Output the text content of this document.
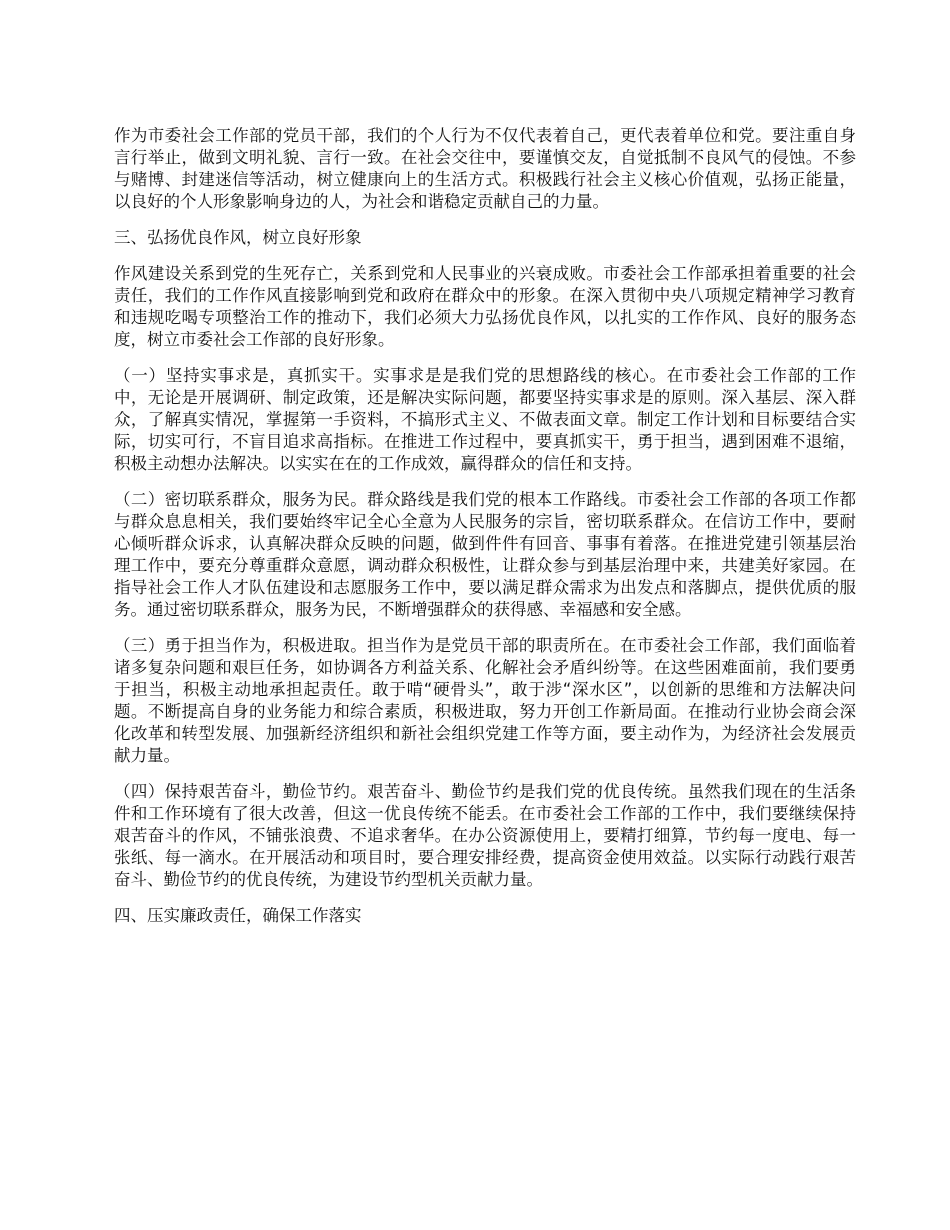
作为市委社会工作部的党员干部，我们的个人行为不仅代表着自己，更代表着单位和党。要注重自身言行举止，做到文明礼貌、言行一致。在社会交往中，要谨慎交友，自觉抵制不良风气的侵蚀。不参与赌博、封建迷信等活动，树立健康向上的生活方式。积极践行社会主义核心价值观，弘扬正能量，以良好的个人形象影响身边的人，为社会和谐稳定贡献自己的力量。

三、弘扬优良作风，树立良好形象

作风建设关系到党的生死存亡，关系到党和人民事业的兴衰成败。市委社会工作部承担着重要的社会责任，我们的工作作风直接影响到党和政府在群众中的形象。在深入贯彻中央八项规定精神学习教育和违规吃喝专项整治工作的推动下，我们必须大力弘扬优良作风，以扎实的工作作风、良好的服务态度，树立市委社会工作部的良好形象。

（一）坚持实事求是，真抓实干。实事求是是我们党的思想路线的核心。在市委社会工作部的工作中，无论是开展调研、制定政策，还是解决实际问题，都要坚持实事求是的原则。深入基层、深入群众，了解真实情况，掌握第一手资料，不搞形式主义、不做表面文章。制定工作计划和目标要结合实际，切实可行，不盲目追求高指标。在推进工作过程中，要真抓实干，勇于担当，遇到困难不退缩，积极主动想办法解决。以实实在在的工作成效，赢得群众的信任和支持。

（二）密切联系群众，服务为民。群众路线是我们党的根本工作路线。市委社会工作部的各项工作都与群众息息相关，我们要始终牢记全心全意为人民服务的宗旨，密切联系群众。在信访工作中，要耐心倾听群众诉求，认真解决群众反映的问题，做到件件有回音、事事有着落。在推进党建引领基层治理工作中，要充分尊重群众意愿，调动群众积极性，让群众参与到基层治理中来，共建美好家园。在指导社会工作人才队伍建设和志愿服务工作中，要以满足群众需求为出发点和落脚点，提供优质的服务。通过密切联系群众，服务为民，不断增强群众的获得感、幸福感和安全感。

（三）勇于担当作为，积极进取。担当作为是党员干部的职责所在。在市委社会工作部，我们面临着诸多复杂问题和艰巨任务，如协调各方利益关系、化解社会矛盾纠纷等。在这些困难面前，我们要勇于担当，积极主动地承担起责任。敢于啃“硬骨头”，敢于涉“深水区”，以创新的思维和方法解决问题。不断提高自身的业务能力和综合素质，积极进取，努力开创工作新局面。在推动行业协会商会深化改革和转型发展、加强新经济组织和新社会组织党建工作等方面，要主动作为，为经济社会发展贡献力量。

（四）保持艰苦奋斗，勤俭节约。艰苦奋斗、勤俭节约是我们党的优良传统。虽然我们现在的生活条件和工作环境有了很大改善，但这一优良传统不能丢。在市委社会工作部的工作中，我们要继续保持艰苦奋斗的作风，不铺张浪费、不追求奢华。在办公资源使用上，要精打细算，节约每一度电、每一张纸、每一滴水。在开展活动和项目时，要合理安排经费，提高资金使用效益。以实际行动践行艰苦奋斗、勤俭节约的优良传统，为建设节约型机关贡献力量。

四、压实廉政责任，确保工作落实
